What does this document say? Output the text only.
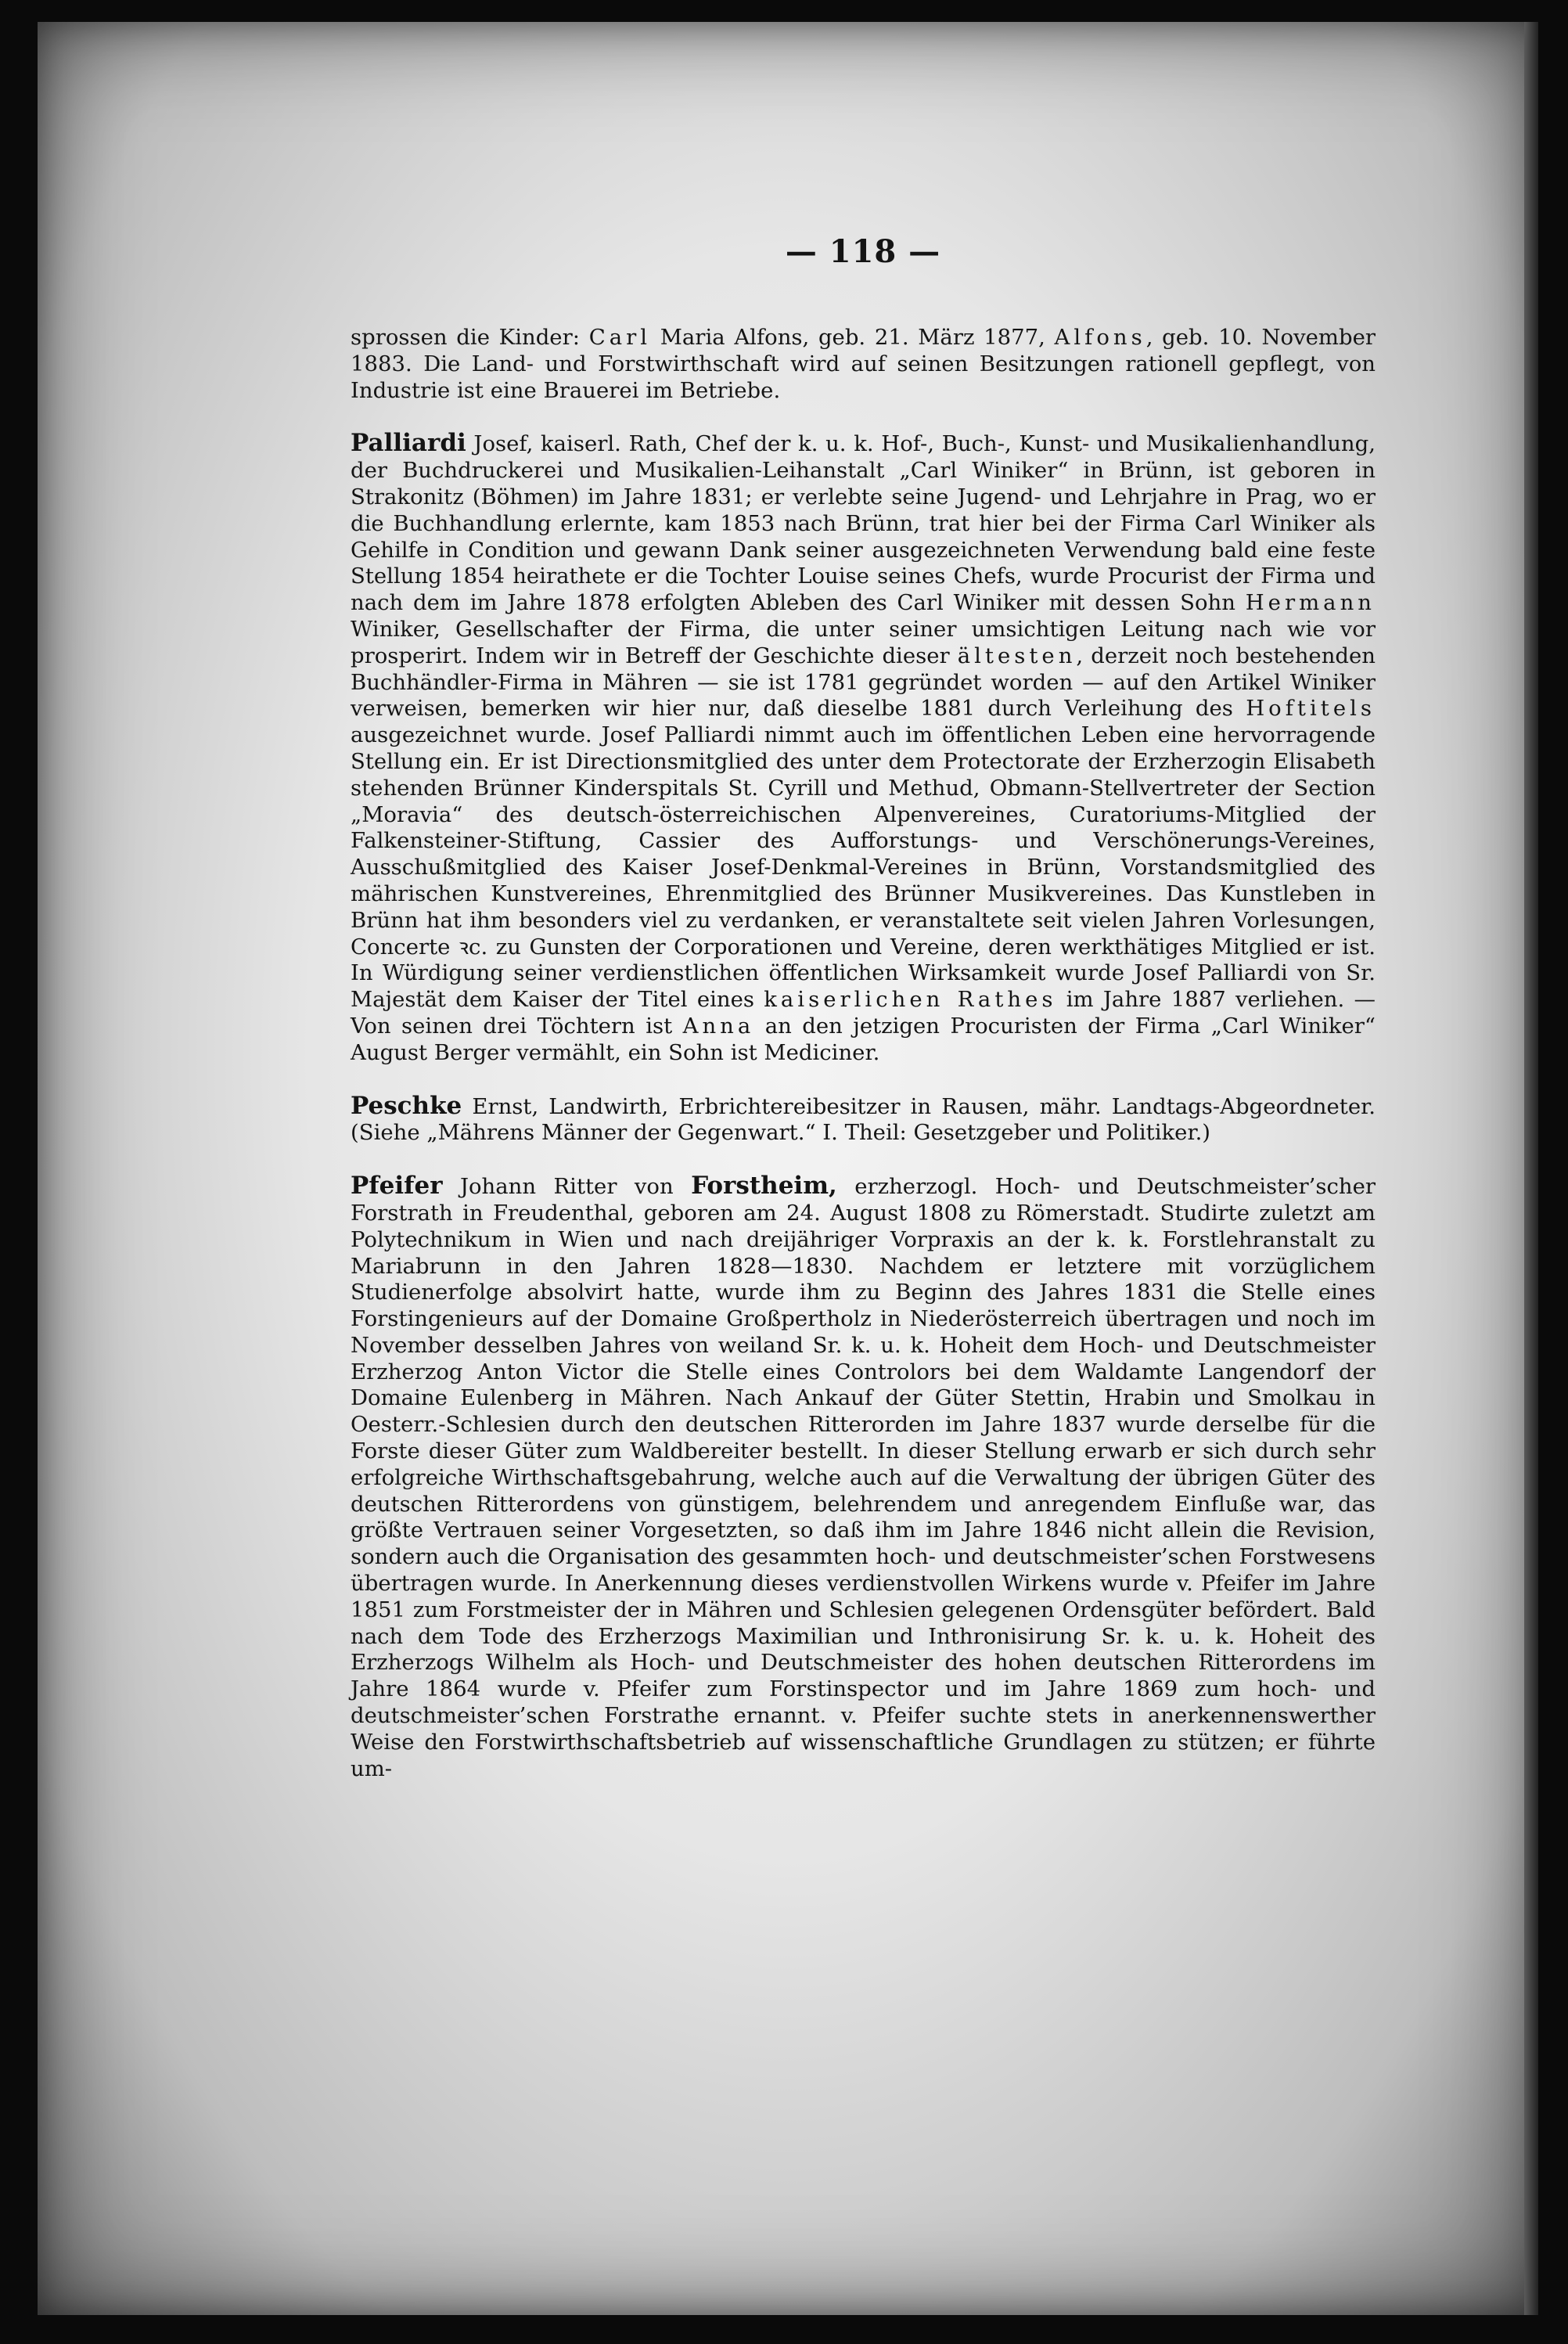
— 118 —

sprossen die Kinder: Carl Maria Alfons, geb. 21. März 1877, Alfons, geb. 10. November 1883. Die Land- und Forstwirthschaft wird auf seinen Besitzungen rationell gepflegt, von Industrie ist eine Brauerei im Betriebe.

Palliardi Josef, kaiserl. Rath, Chef der k. u. k. Hof-, Buch-, Kunst- und Musikalienhandlung, der Buchdruckerei und Musikalien-Leihanstalt „Carl Winiker“ in Brünn, ist geboren in Strakonitz (Böhmen) im Jahre 1831; er verlebte seine Jugend- und Lehrjahre in Prag, wo er die Buchhandlung erlernte, kam 1853 nach Brünn, trat hier bei der Firma Carl Winiker als Gehilfe in Condition und gewann Dank seiner ausgezeichneten Verwendung bald eine feste Stellung 1854 heirathete er die Tochter Louise seines Chefs, wurde Procurist der Firma und nach dem im Jahre 1878 erfolgten Ableben des Carl Winiker mit dessen Sohn Hermann Winiker, Gesellschafter der Firma, die unter seiner umsichtigen Leitung nach wie vor prosperirt. Indem wir in Betreff der Geschichte dieser ältesten, derzeit noch bestehenden Buchhändler-Firma in Mähren — sie ist 1781 gegründet worden — auf den Artikel Winiker verweisen, bemerken wir hier nur, daß dieselbe 1881 durch Verleihung des Hoftitels ausgezeichnet wurde. Josef Palliardi nimmt auch im öffentlichen Leben eine hervorragende Stellung ein. Er ist Directionsmitglied des unter dem Protectorate der Erzherzogin Elisabeth stehenden Brünner Kinderspitals St. Cyrill und Methud, Obmann-Stellvertreter der Section „Moravia“ des deutsch-österreichischen Alpenvereines, Curatoriums-Mitglied der Falkensteiner-Stiftung, Cassier des Aufforstungs- und Verschönerungs-Vereines, Ausschußmitglied des Kaiser Josef-Denkmal-Vereines in Brünn, Vorstandsmitglied des mährischen Kunstvereines, Ehrenmitglied des Brünner Musikvereines. Das Kunstleben in Brünn hat ihm besonders viel zu verdanken, er veranstaltete seit vielen Jahren Vorlesungen, Concerte ꝛc. zu Gunsten der Corporationen und Vereine, deren werkthätiges Mitglied er ist. In Würdigung seiner verdienstlichen öffentlichen Wirksamkeit wurde Josef Palliardi von Sr. Majestät dem Kaiser der Titel eines kaiserlichen Rathes im Jahre 1887 verliehen. — Von seinen drei Töchtern ist Anna an den jetzigen Procuristen der Firma „Carl Winiker“ August Berger vermählt, ein Sohn ist Mediciner.

Peschke Ernst, Landwirth, Erbrichtereibesitzer in Rausen, mähr. Landtags-Abgeordneter. (Siehe „Mährens Männer der Gegenwart.“ I. Theil: Gesetzgeber und Politiker.)

Pfeifer Johann Ritter von Forstheim, erzherzogl. Hoch- und Deutschmeister’scher Forstrath in Freudenthal, geboren am 24. August 1808 zu Römerstadt. Studirte zuletzt am Polytechnikum in Wien und nach dreijähriger Vorpraxis an der k. k. Forstlehranstalt zu Mariabrunn in den Jahren 1828—1830. Nachdem er letztere mit vorzüglichem Studienerfolge absolvirt hatte, wurde ihm zu Beginn des Jahres 1831 die Stelle eines Forstingenieurs auf der Domaine Großpertholz in Niederösterreich übertragen und noch im November desselben Jahres von weiland Sr. k. u. k. Hoheit dem Hoch- und Deutschmeister Erzherzog Anton Victor die Stelle eines Controlors bei dem Waldamte Langendorf der Domaine Eulenberg in Mähren. Nach Ankauf der Güter Stettin, Hrabin und Smolkau in Oesterr.-Schlesien durch den deutschen Ritterorden im Jahre 1837 wurde derselbe für die Forste dieser Güter zum Waldbereiter bestellt. In dieser Stellung erwarb er sich durch sehr erfolgreiche Wirthschaftsgebahrung, welche auch auf die Verwaltung der übrigen Güter des deutschen Ritterordens von günstigem, belehrendem und anregendem Einfluße war, das größte Vertrauen seiner Vorgesetzten, so daß ihm im Jahre 1846 nicht allein die Revision, sondern auch die Organisation des gesammten hoch- und deutschmeister’schen Forstwesens übertragen wurde. In Anerkennung dieses verdienstvollen Wirkens wurde v. Pfeifer im Jahre 1851 zum Forstmeister der in Mähren und Schlesien gelegenen Ordensgüter befördert. Bald nach dem Tode des Erzherzogs Maximilian und Inthronisirung Sr. k. u. k. Hoheit des Erzherzogs Wilhelm als Hoch- und Deutschmeister des hohen deutschen Ritterordens im Jahre 1864 wurde v. Pfeifer zum Forstinspector und im Jahre 1869 zum hoch- und deutschmeister’schen Forstrathe ernannt. v. Pfeifer suchte stets in anerkennenswerther Weise den Forstwirthschaftsbetrieb auf wissenschaftliche Grundlagen zu stützen; er führte um-
